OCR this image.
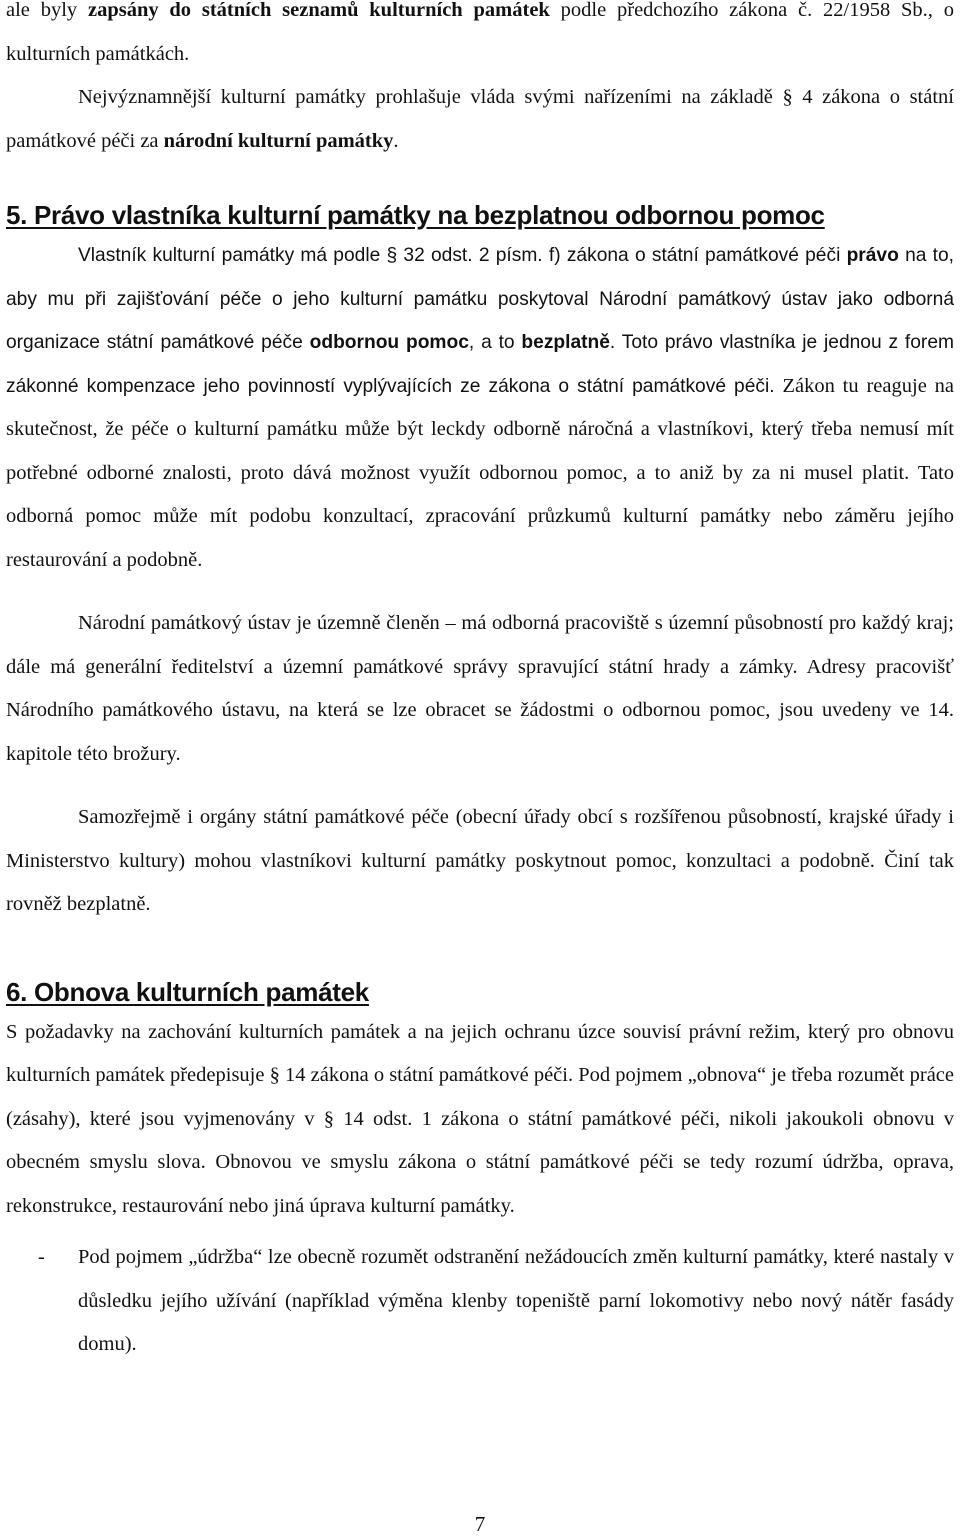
ale byly zapsány do státních seznamů kulturních památek podle předchozího zákona č. 22/1958 Sb., o kulturních památkách.

Nejvýznamnější kulturní památky prohlašuje vláda svými nařízeními na základě § 4 zákona o státní památkové péči za národní kulturní památky.

5. Právo vlastníka kulturní památky na bezplatnou odbornou pomoc

Vlastník kulturní památky má podle § 32 odst. 2 písm. f) zákona o státní památkové péči právo na to, aby mu při zajišťování péče o jeho kulturní památku poskytoval Národní památkový ústav jako odborná organizace státní památkové péče odbornou pomoc, a to bezplatně. Toto právo vlastníka je jednou z forem zákonné kompenzace jeho povinností vyplývajících ze zákona o státní památkové péči. Zákon tu reaguje na skutečnost, že péče o kulturní památku může být leckdy odborně náročná a vlastníkovi, který třeba nemusí mít potřebné odborné znalosti, proto dává možnost využít odbornou pomoc, a to aniž by za ni musel platit. Tato odborná pomoc může mít podobu konzultací, zpracování průzkumů kulturní památky nebo záměru jejího restaurování a podobně.

Národní památkový ústav je územně členěn – má odborná pracoviště s územní působností pro každý kraj; dále má generální ředitelství a územní památkové správy spravující státní hrady a zámky. Adresy pracovišť Národního památkového ústavu, na která se lze obracet se žádostmi o odbornou pomoc, jsou uvedeny ve 14. kapitole této brožury.

Samozřejmě i orgány státní památkové péče (obecní úřady obcí s rozšířenou působností, krajské úřady i Ministerstvo kultury) mohou vlastníkovi kulturní památky poskytnout pomoc, konzultaci a podobně. Činí tak rovněž bezplatně.

6. Obnova kulturních památek

S požadavky na zachování kulturních památek a na jejich ochranu úzce souvisí právní režim, který pro obnovu kulturních památek předepisuje § 14 zákona o státní památkové péči. Pod pojmem „obnova“ je třeba rozumět práce (zásahy), které jsou vyjmenovány v § 14 odst. 1 zákona o státní památkové péči, nikoli jakoukoli obnovu v obecném smyslu slova. Obnovou ve smyslu zákona o státní památkové péči se tedy rozumí údržba, oprava, rekonstrukce, restaurování nebo jiná úprava kulturní památky.

-	Pod pojmem „údržba“ lze obecně rozumět odstranění nežádoucích změn kulturní památky, které nastaly v důsledku jejího užívání (například výměna klenby topeniště parní lokomotivy nebo nový nátěr fasády domu).
7
